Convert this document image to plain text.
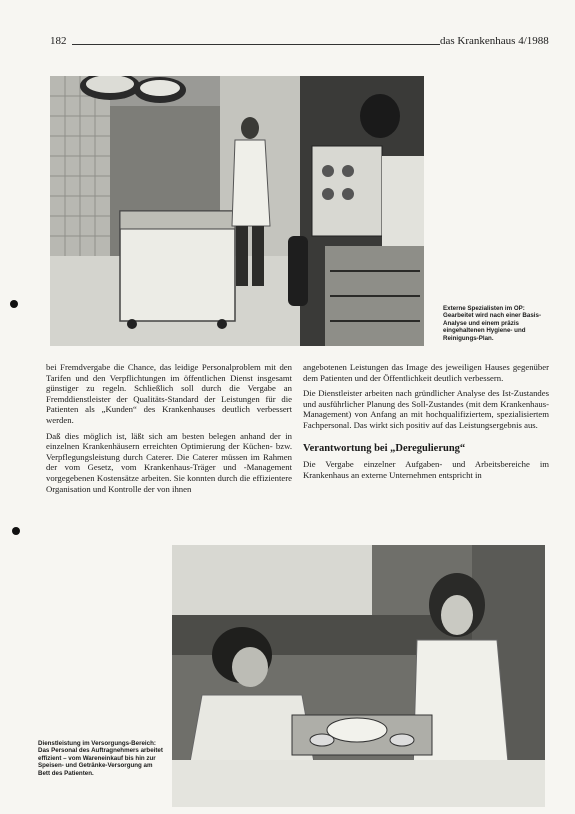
182	das Krankenhaus 4/1988
Externe Spezialisten im OP: Gearbeitet wird nach einer Basis-Analyse und einem präzis eingehaltenen Hygiene- und Reinigungs-Plan.

bei Fremdvergabe die Chance, das leidige Personalproblem mit den Tarifen und den Verpflichtungen im öffentlichen Dienst insgesamt günstiger zu regeln. Schließlich soll durch die Vergabe an Fremddienstleister der Qualitäts-Standard der Leistungen für die Patienten als „Kunden“ des Krankenhauses deutlich verbessert werden.

Daß dies möglich ist, läßt sich am besten belegen anhand der in einzelnen Krankenhäusern erreichten Optimierung der Küchen- bzw. Verpflegungsleistung durch Caterer. Die Caterer müssen im Rahmen der vom Gesetz, vom Krankenhaus-Träger und -Management vorgegebenen Kostensätze arbeiten. Sie konnten durch die effizientere Organisation und Kontrolle der von ihnen

angebotenen Leistungen das Image des jeweiligen Hauses gegenüber dem Patienten und der Öffentlichkeit deutlich verbessern.

Die Dienstleister arbeiten nach gründlicher Analyse des Ist-Zustandes und ausführlicher Planung des Soll-Zustandes (mit dem Krankenhaus-Management) von Anfang an mit hochqualifiziertem, spezialisiertem Fachpersonal. Das wirkt sich positiv auf das Leistungsergebnis aus.

Verantwortung bei „Deregulierung“

Die Vergabe einzelner Aufgaben- und Arbeitsbereiche im Krankenhaus an externe Unternehmen entspricht in

Dienstleistung im Versorgungs-Bereich: Das Personal des Auftragnehmers arbeitet effizient – vom Wareneinkauf bis hin zur Speisen- und Getränke-Versorgung am Bett des Patienten.
